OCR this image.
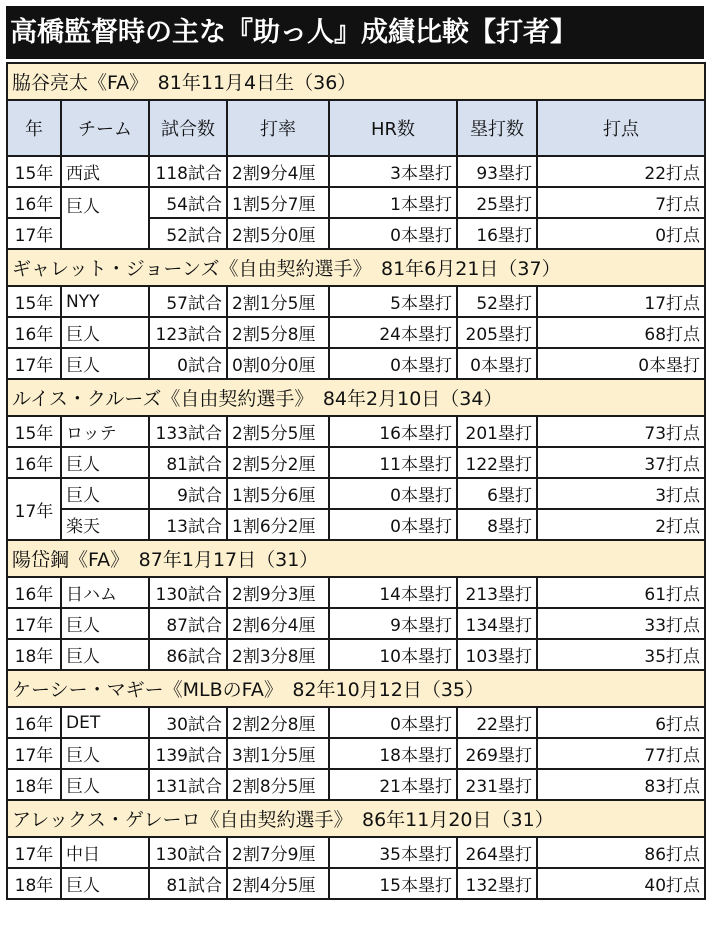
高橋監督時の主な『助っ人』成績比較【打者】
脇谷亮太《FA》　81年11月4日生（36）						
年	チーム	試合数	打率	HR数	塁打数	打点
15年	西武	118試合	2割9分4厘	3本塁打	93塁打	22打点
16年	巨人	54試合	1割5分7厘	1本塁打	25塁打	7打点
17年		52試合	2割5分0厘	0本塁打	16塁打	0打点
ギャレット・ジョーンズ《自由契約選手》　81年6月21日（37）						
15年	NYY	57試合	2割1分5厘	5本塁打	52塁打	17打点
16年	巨人	123試合	2割5分8厘	24本塁打	205塁打	68打点
17年	巨人	0試合	0割0分0厘	0本塁打	0本塁打	0本塁打
ルイス・クルーズ《自由契約選手》　84年2月10日（34）						
15年	ロッテ	133試合	2割5分5厘	16本塁打	201塁打	73打点
16年	巨人	81試合	2割5分2厘	11本塁打	122塁打	37打点
17年	巨人	9試合	1割5分6厘	0本塁打	6塁打	3打点
	楽天	13試合	1割6分2厘	0本塁打	8塁打	2打点
陽岱鋼《FA》　87年1月17日（31）						
16年	日ハム	130試合	2割9分3厘	14本塁打	213塁打	61打点
17年	巨人	87試合	2割6分4厘	9本塁打	134塁打	33打点
18年	巨人	86試合	2割3分8厘	10本塁打	103塁打	35打点
ケーシー・マギー《MLBのFA》　82年10月12日（35）						
16年	DET	30試合	2割2分8厘	0本塁打	22塁打	6打点
17年	巨人	139試合	3割1分5厘	18本塁打	269塁打	77打点
18年	巨人	131試合	2割8分5厘	21本塁打	231塁打	83打点
アレックス・ゲレーロ《自由契約選手》　86年11月20日（31）						
17年	中日	130試合	2割7分9厘	35本塁打	264塁打	86打点
18年	巨人	81試合	2割4分5厘	15本塁打	132塁打	40打点
